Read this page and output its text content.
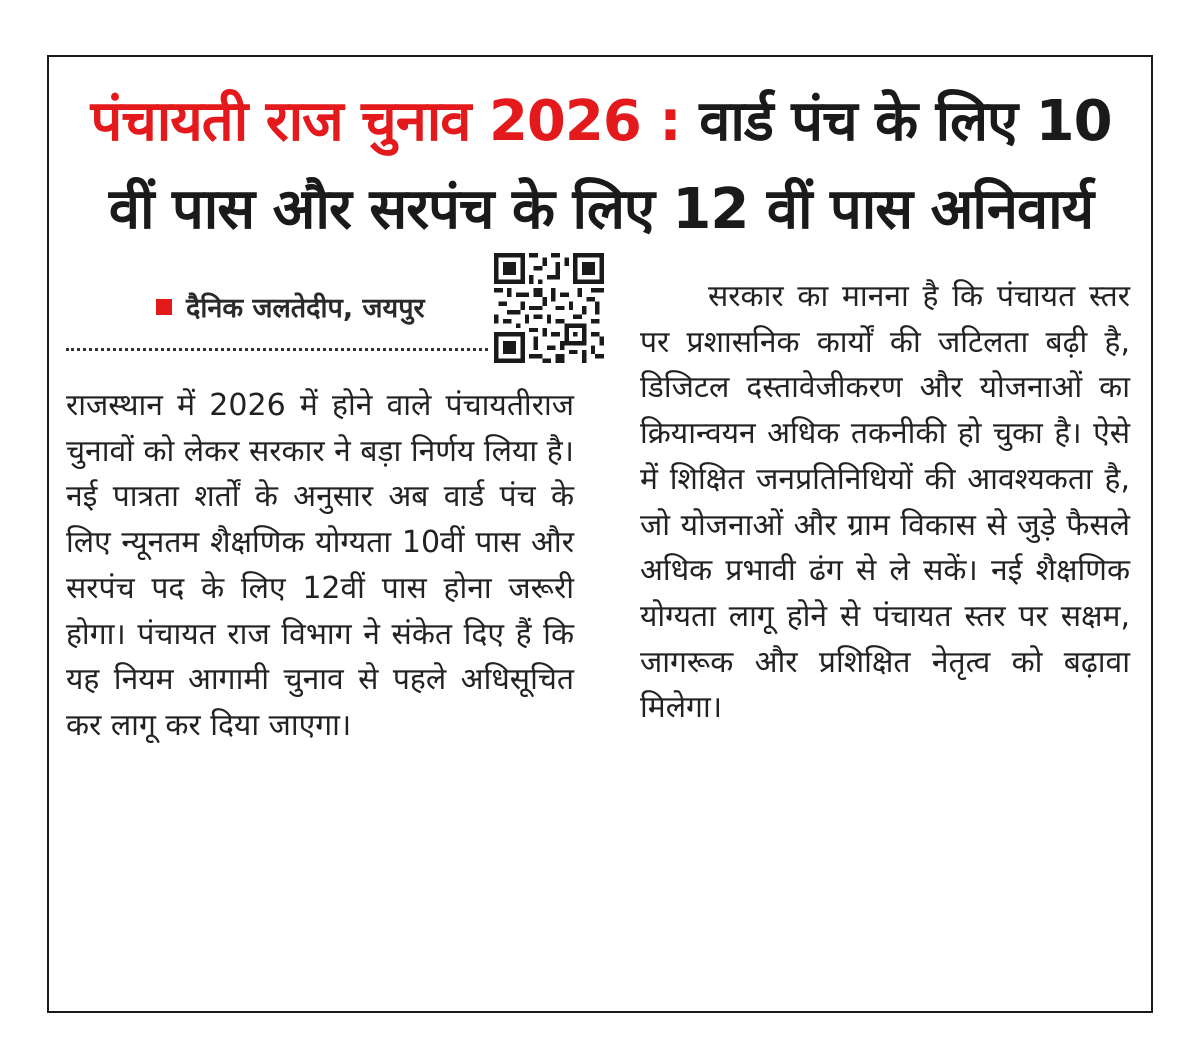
पंचायती राज चुनाव 2026 : वार्ड पंच के लिए 10 वीं पास और सरपंच के लिए 12 वीं पास अनिवार्य
दैनिक जलतेदीप, जयपुर

राजस्थान में 2026 में होने वाले पंचायतीराज चुनावों को लेकर सरकार ने बड़ा निर्णय लिया है। नई पात्रता शर्तों के अनुसार अब वार्ड पंच के लिए न्यूनतम शैक्षणिक योग्यता 10वीं पास और सरपंच पद के लिए 12वीं पास होना जरूरी होगा। पंचायत राज विभाग ने संकेत दिए हैं कि यह नियम आगामी चुनाव से पहले अधिसूचित कर लागू कर दिया जाएगा।

सरकार का मानना है कि पंचायत स्तर पर प्रशासनिक कार्यों की जटिलता बढ़ी है, डिजिटल दस्तावेजीकरण और योजनाओं का क्रियान्वयन अधिक तकनीकी हो चुका है। ऐसे में शिक्षित जनप्रतिनिधियों की आवश्यकता है, जो योजनाओं और ग्राम विकास से जुड़े फैसले अधिक प्रभावी ढंग से ले सकें। नई शैक्षणिक योग्यता लागू होने से पंचायत स्तर पर सक्षम, जागरूक और प्रशिक्षित नेतृत्व को बढ़ावा मिलेगा।
